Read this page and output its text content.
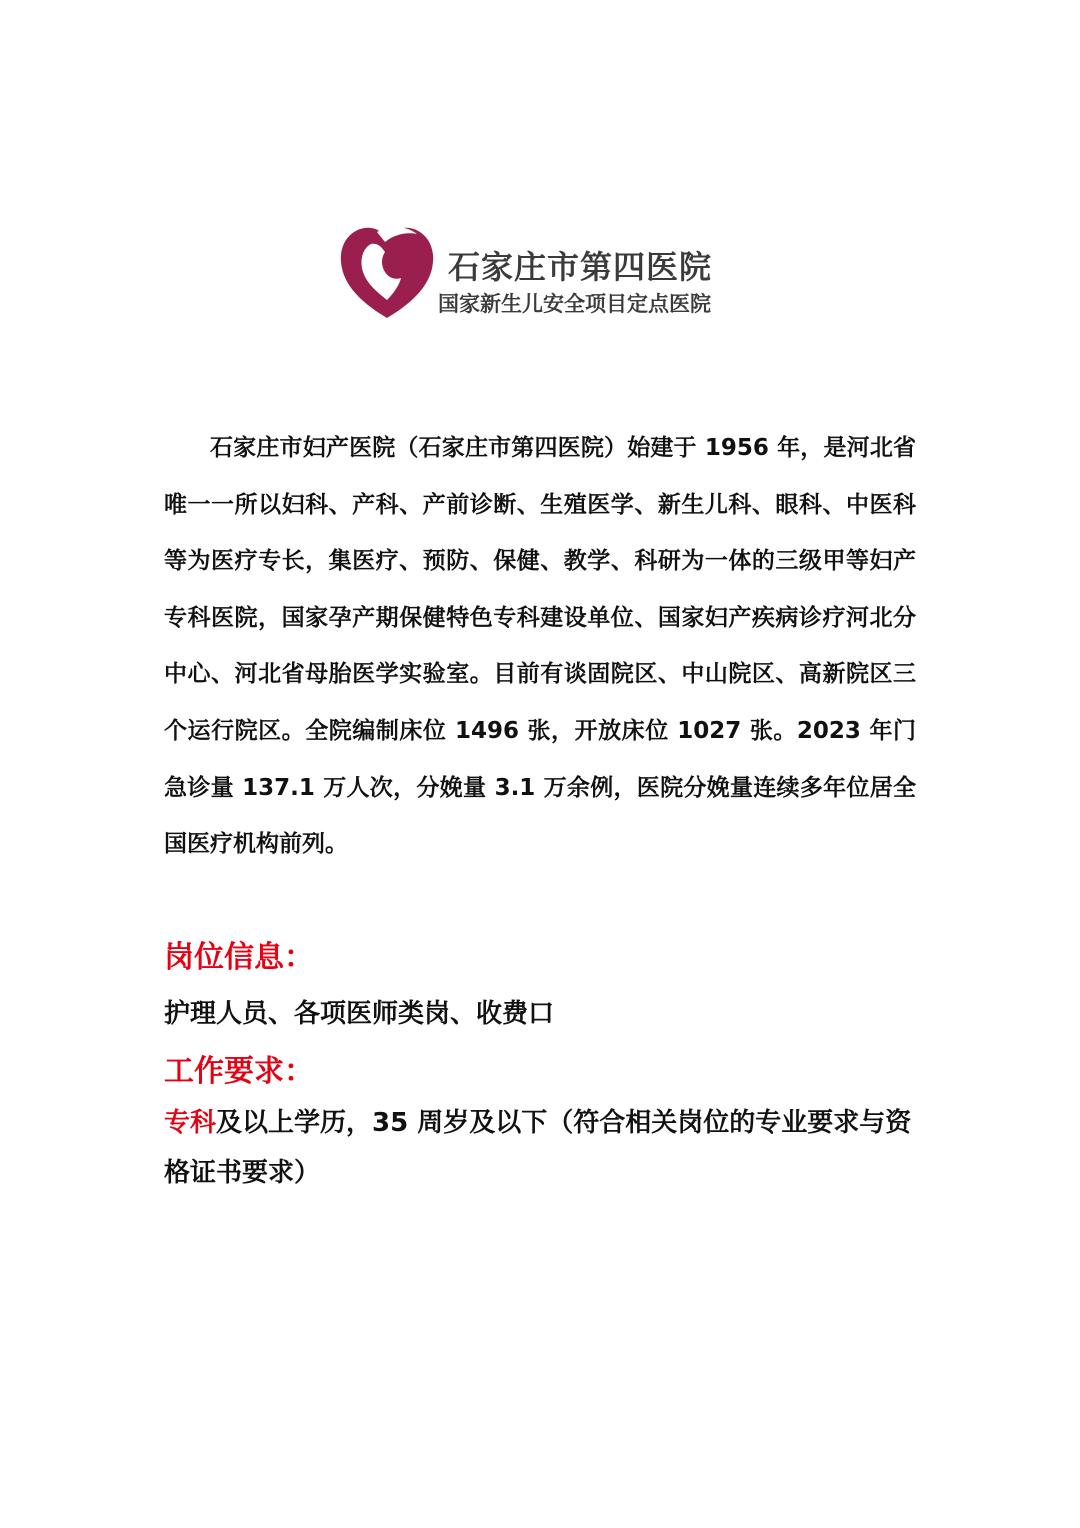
石家庄市第四医院
国家新生儿安全项目定点医院

石家庄市妇产医院（石家庄市第四医院）始建于 1956 年，是河北省唯一一所以妇科、产科、产前诊断、生殖医学、新生儿科、眼科、中医科等为医疗专长，集医疗、预防、保健、教学、科研为一体的三级甲等妇产专科医院，国家孕产期保健特色专科建设单位、国家妇产疾病诊疗河北分中心、河北省母胎医学实验室。目前有谈固院区、中山院区、高新院区三个运行院区。全院编制床位 1496 张，开放床位 1027 张。2023 年门急诊量 137.1 万人次，分娩量 3.1 万余例，医院分娩量连续多年位居全国医疗机构前列。

岗位信息：

护理人员、各项医师类岗、收费口

工作要求：

专科及以上学历，35 周岁及以下（符合相关岗位的专业要求与资格证书要求）
